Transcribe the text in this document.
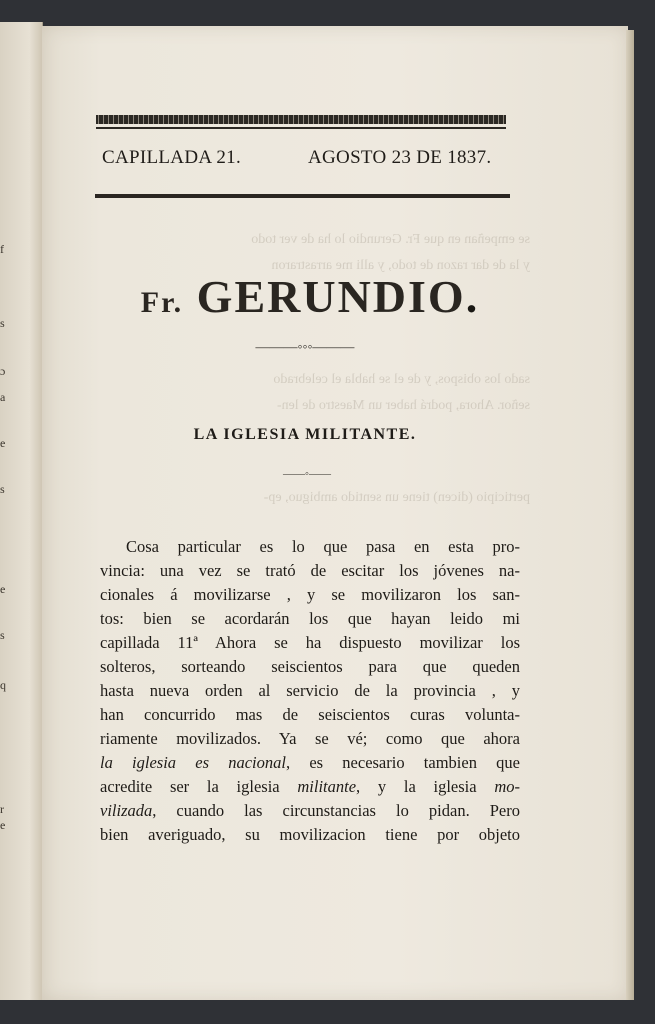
f
s
ɔ
a
e
s
e
s
q
r
e
se empeñan en que Fr. Gerundio lo ha de ver todo
y la de dar razon de todo, y alli me arrastraron
sado los obispos, y de el se habla el celebrado
señor. Ahora, podrá haber un Maestro de len-
perticipio (dicen) tiene un sentido ambiguo, ep-
CAPILLADA 21.	AGOSTO 23 DE 1837.
Fr. GERUNDIO.
———◦◦◦———
LA IGLESIA MILITANTE.
——◦——
Cosa particular es lo que pasa en esta pro-
vincia: una vez se trató de escitar los jóvenes na-
cionales á movilizarse , y se movilizaron los san-
tos: bien se acordarán los que hayan leido mi
capillada 11ª Ahora se ha dispuesto movilizar los
solteros, sorteando seiscientos para que queden
hasta nueva orden al servicio de la provincia , y
han concurrido mas de seiscientos curas volunta-
riamente movilizados. Ya se vé; como que ahora
la iglesia es nacional, es necesario tambien que
acredite ser la iglesia militante, y la iglesia mo-
vilizada, cuando las circunstancias lo pidan. Pero
bien averiguado, su movilizacion tiene por objeto
